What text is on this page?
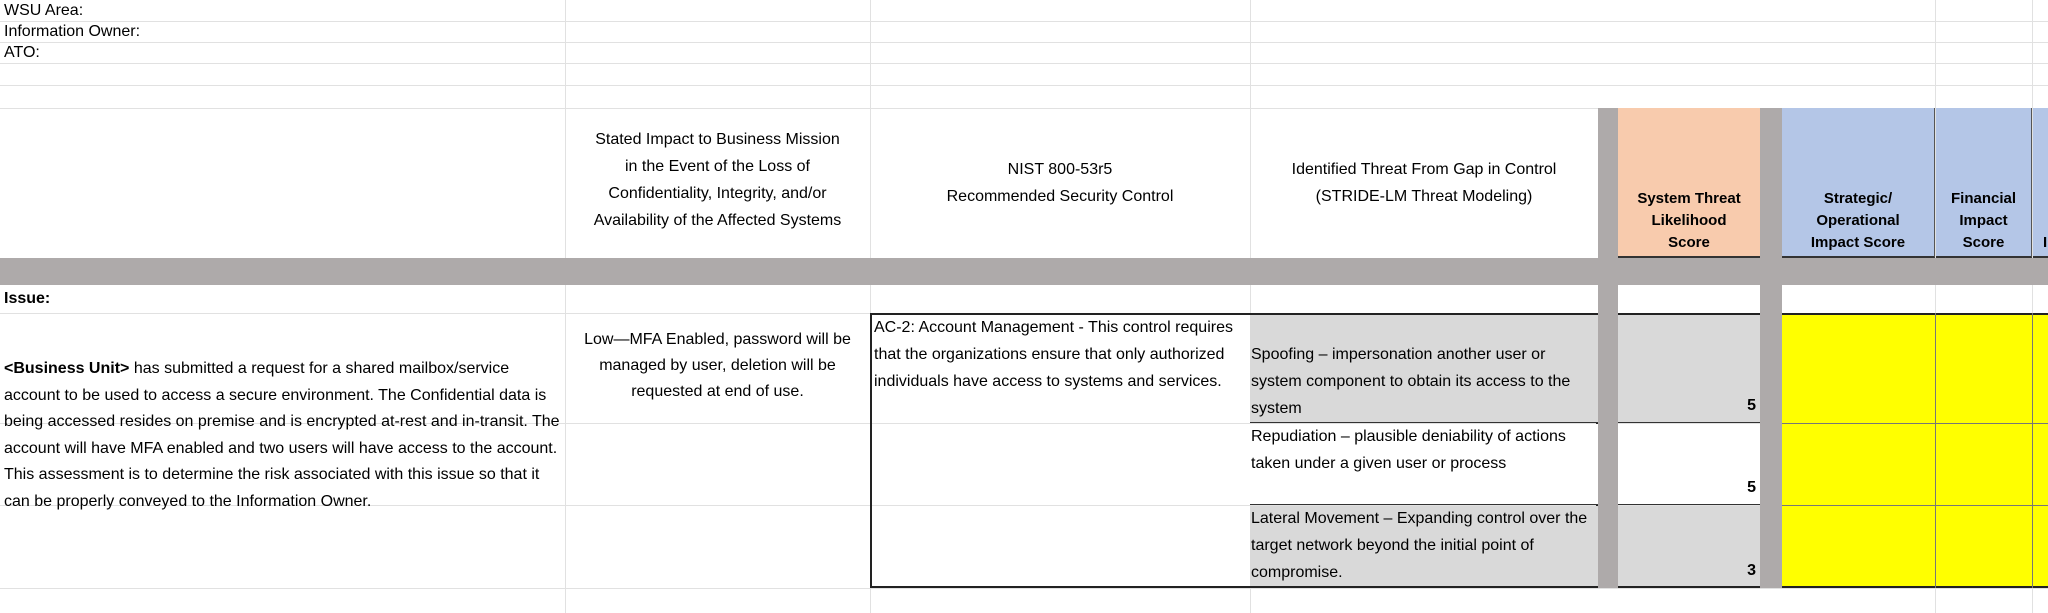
WSU Area:
Information Owner:
ATO:
Stated Impact to Business Mission
in the Event of the Loss of
Confidentiality, Integrity, and/or
Availability of the Affected Systems
NIST 800-53r5
Recommended Security Control
Identified Threat From Gap in Control
(STRIDE-LM Threat Modeling)	System Threat
Likelihood
Score
Strategic/
Operational
Impact Score
Financial
Impact
Score	I
Issue:
<Business Unit> has submitted a request for a shared mailbox/service account to be used to access a secure environment. The Confidential data is being accessed resides on premise and is encrypted at-rest and in-transit. The account will have MFA enabled and two users will have access to the account. This assessment is to determine the risk associated with this issue so that it can be properly conveyed to the Information Owner.
Low—MFA Enabled, password will be managed by user, deletion will be requested at end of use.
AC-2: Account Management - This control requires that the organizations ensure that only authorized individuals have access to systems and services.
Spoofing – impersonation another user or system component to obtain its access to the system
Repudiation – plausible deniability of actions taken under a given user or process
Lateral Movement – Expanding control over the target network beyond the initial point of compromise.
5
5
3
